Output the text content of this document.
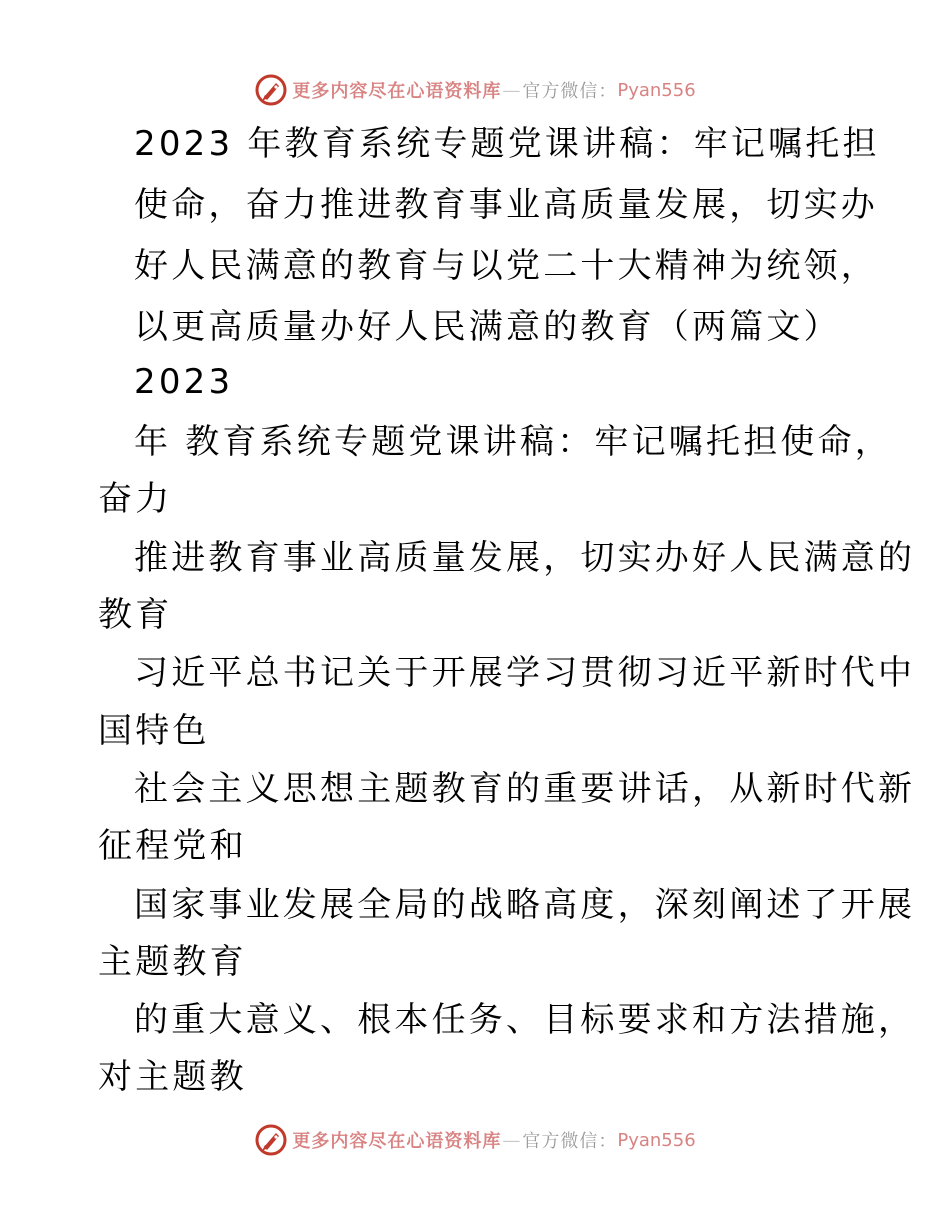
更多内容尽在心语资料库 — 官方微信： Pyan556
2023 年教育系统专题党课讲稿：牢记嘱托担
使命，奋力推进教育事业高质量发展，切实办
好人民满意的教育与以党二十大精神为统领，
以更高质量办好人民满意的教育（两篇文）
2023
年 教育系统专题党课讲稿：牢记嘱托担使命，
奋力
推进教育事业高质量发展，切实办好人民满意的
教育
习近平总书记关于开展学习贯彻习近平新时代中
国特色
社会主义思想主题教育的重要讲话，从新时代新
征程党和
国家事业发展全局的战略高度，深刻阐述了开展
主题教育
的重大意义、根本任务、目标要求和方法措施，
对主题教
更多内容尽在心语资料库 — 官方微信： Pyan556
